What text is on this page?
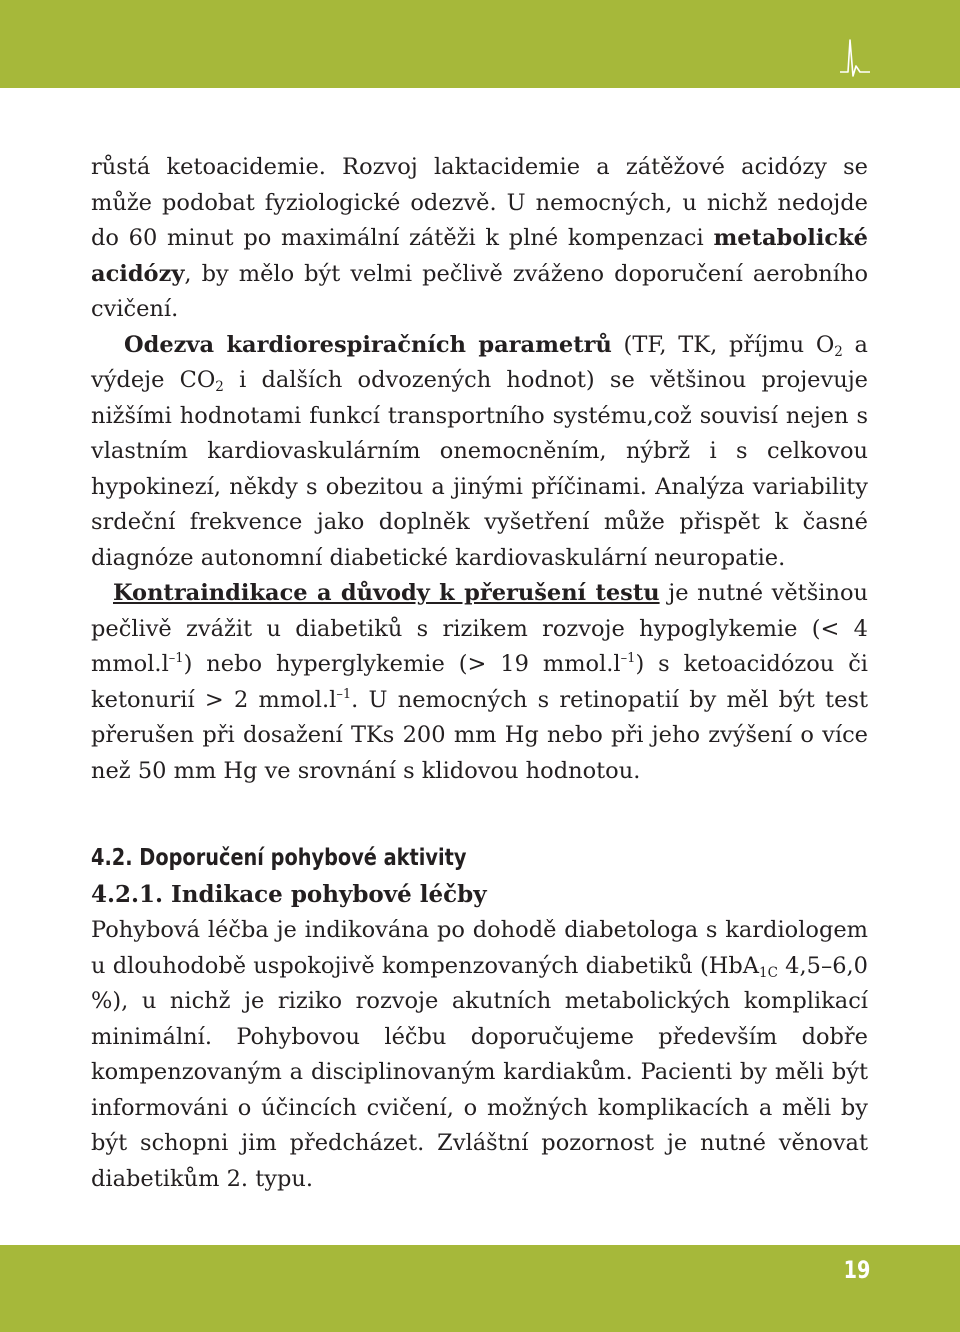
růstá ketoacidemie. Rozvoj laktacidemie a zátěžové acidózy se může podobat fyziologické odezvě. U nemocných, u nichž nedojde do 60 minut po maximální zátěži k plné kompenzaci metabolické acidózy, by mělo být velmi pečlivě zváženo doporučení aerobního cvičení.

Odezva kardiorespiračních parametrů (TF, TK, příjmu $O_2$ a výdeje $CO_2$ i dalších odvozených hodnot) se většinou projevuje nižšími hodnotami funkcí transportního systému,což souvisí nejen s vlastním kardiovaskulárním onemocněním, nýbrž i s celkovou hypokinezí, někdy s obezitou a jinými příčinami. Analýza variability srdeční frekvence jako doplněk vyšetření může přispět k časné diagnóze autonomní diabetické kardiovaskulární neuropatie.

Kontraindikace a důvody k přerušení testu je nutné většinou pečlivě zvážit u diabetiků s rizikem rozvoje hypoglykemie (< 4 $mmol.l^{-1}$) nebo hyperglykemie (> 19 $mmol.l^{-1}$) s ketoacidózou či ketonurií > 2 $mmol.l^{-1}$. U nemocných s retinopatií by měl být test přerušen při dosažení TKs 200 mm Hg nebo při jeho zvýšení o více než 50 mm Hg ve srovnání s klidovou hodnotou.

4.2. Doporučení pohybové aktivity
4.2.1. Indikace pohybové léčby

Pohybová léčba je indikována po dohodě diabetologa s kardiologem u dlouhodobě uspokojivě kompenzovaných diabetiků (HbA$_{1C}$ 4,5–6,0 %), u nichž je riziko rozvoje akutních metabolických komplikací minimální. Pohybovou léčbu doporučujeme především dobře kompenzovaným a disciplinovaným kardiakům. Pacienti by měli být informováni o účincích cvičení, o možných komplikacích a měli by být schopni jim předcházet. Zvláštní pozornost je nutné věnovat diabetikům 2. typu.

19
